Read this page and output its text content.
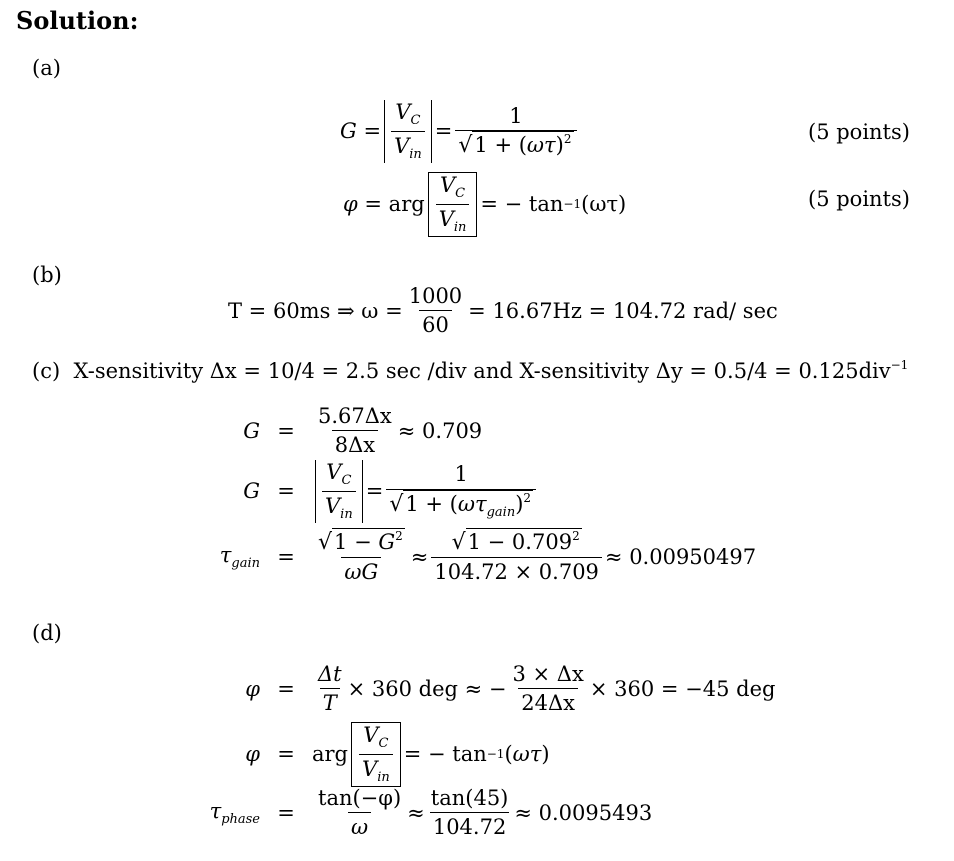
Solution:
(a)
$G = \frac{V_C}{V_{in}} = \frac{1}{√1 + (\omega\tau)^2}$	(5 points)
φ = arg $\frac{V_C}{V_{in}}$ = − tan −1 (ωτ)	(5 points)
(b)
T = 60ms ⇒ $\omega = \frac{1000}{60} = 16.67Hz = 104.72$ rad/ sec
(c) X-sensitivity Δx = 10/4 = 2.5 sec /div and X-sensitivity Δy = 0.5/4 = 0.125div$^{-1}$
$G = \frac{5.67\Delta x}{8\Delta x} \approx 0.709$
G =	$\frac{V_C}{V_{in}} = \frac{1}{√1 + (\omega\tau_{gain})^2}$
$\tau_{gain} = \frac{√1 - G^2}{\omega G} \approx \frac{√1 - 0.709^2}{104.72 \times 0.709} \approx 0.00950497$
(d)
$\varphi = \frac{\Delta t}{T} \times 360$ deg ≈ − $\frac{3 \times \Delta x}{24\Delta x} \times 360 = -45$ deg
φ = arg $\frac{V_C}{V_{in}}$ = − tan −1 (ωτ)
$\tau_{phase} = \frac{\tan(-\varphi)}{\omega} \approx \frac{\tan(45)}{104.72} \approx 0.0095493$
